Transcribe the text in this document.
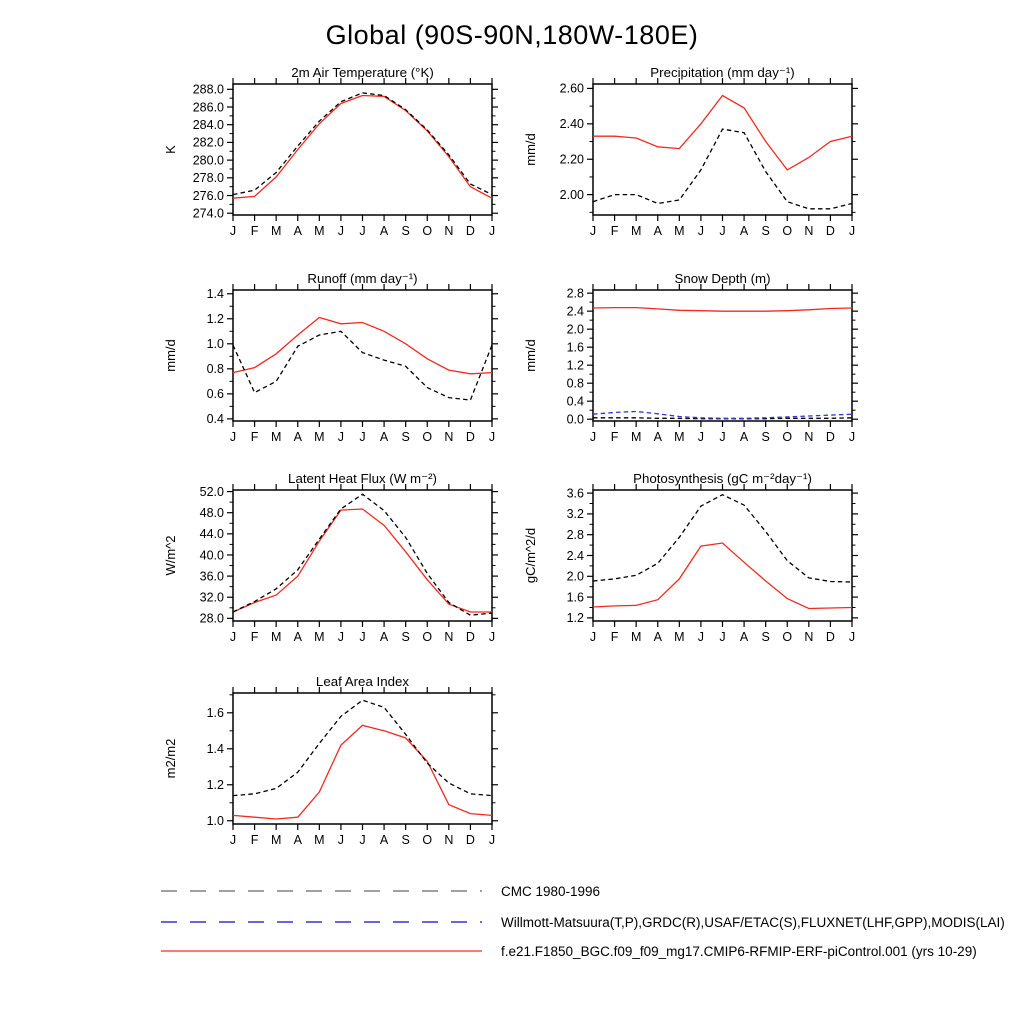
Global (90S-90N,180W-180E)
2m Air Temperature (°K)
J F M A M J J A S O N D J
274.0
276.0
278.0
280.0
282.0
284.0
286.0
288.0
K
Precipitation (mm day⁻¹)
J F M A M J J A S O N D J
2.00
2.20
2.40
2.60
mm/d
Runoff (mm day⁻¹)
J F M A M J J A S O N D J
0.4
0.6
0.8
1.0
1.2
1.4
mm/d
Snow Depth (m)
J F M A M J J A S O N D J
0.0
0.4
0.8
1.2
1.6
2.0
2.4
2.8
mm/d
Latent Heat Flux (W m⁻²)
J F M A M J J A S O N D J
28.0
32.0
36.0
40.0
44.0
48.0
52.0
W/m^2
Photosynthesis (gC m⁻²day⁻¹)
J F M A M J J A S O N D J
1.2
1.6
2.0
2.4
2.8
3.2
3.6
gC/m^2/d
Leaf Area Index
J F M A M J J A S O N D J
1.0
1.2
1.4
1.6
m2/m2
CMC 1980-1996
Willmott-Matsuura(T,P),GRDC(R),USAF/ETAC(S),FLUXNET(LHF,GPP),MODIS(LAI)
f.e21.F1850_BGC.f09_f09_mg17.CMIP6-RFMIP-ERF-piControl.001 (yrs 10-29)
